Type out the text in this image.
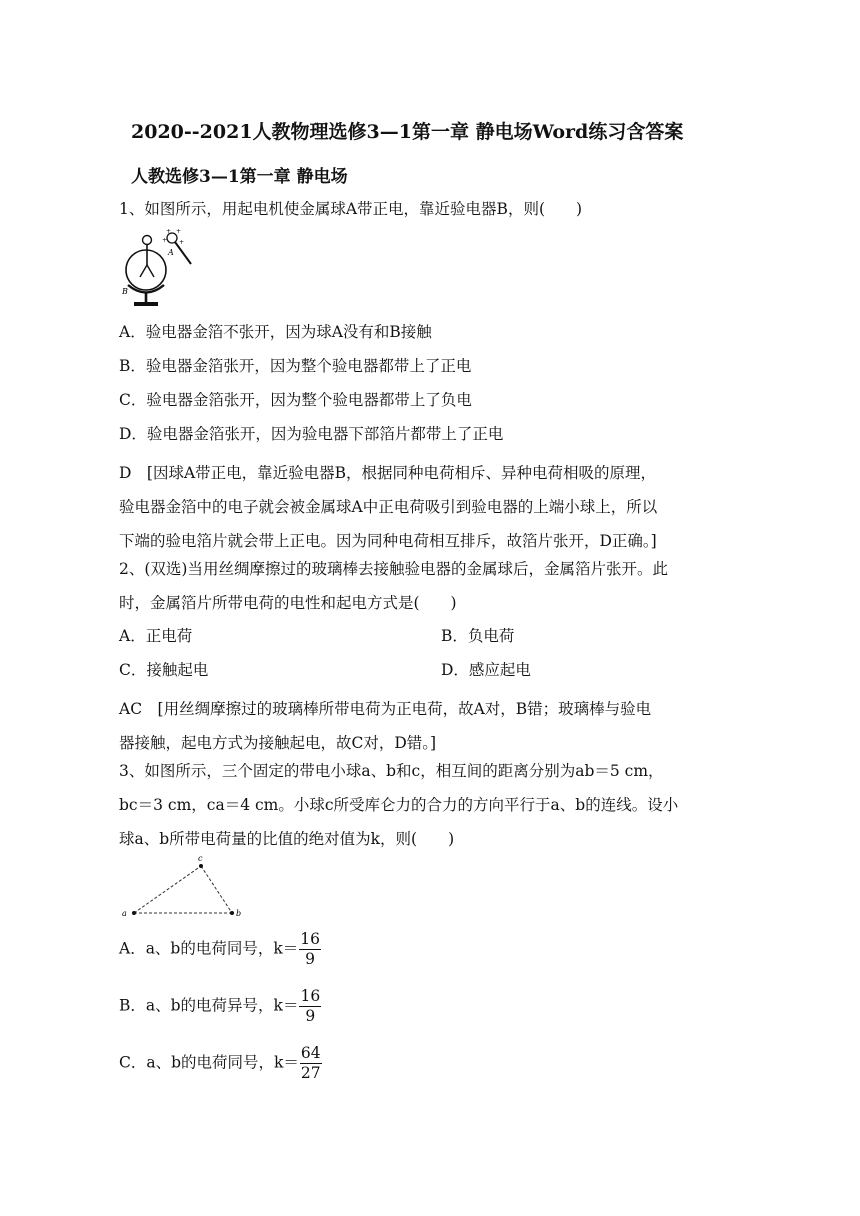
2020--2021人教物理选修3—1第一章 静电场Word练习含答案
人教选修3—1第一章 静电场
1、如图所示，用起电机使金属球A带正电，靠近验电器B，则(　　)
+ +
+ +
A
B
A．验电器金箔不张开，因为球A没有和B接触
B．验电器金箔张开，因为整个验电器都带上了正电
C．验电器金箔张开，因为整个验电器都带上了负电
D．验电器金箔张开，因为验电器下部箔片都带上了正电
D　[因球A带正电，靠近验电器B，根据同种电荷相斥、异种电荷相吸的原理，
验电器金箔中的电子就会被金属球A中正电荷吸引到验电器的上端小球上，所以
下端的验电箔片就会带上正电。因为同种电荷相互排斥，故箔片张开，D正确。]
2、(双选)当用丝绸摩擦过的玻璃棒去接触验电器的金属球后，金属箔片张开。此
时，金属箔片所带电荷的电性和起电方式是(　　)
A．正电荷	B．负电荷
C．接触起电	D．感应起电
AC　[用丝绸摩擦过的玻璃棒所带电荷为正电荷，故A对，B错；玻璃棒与验电
器接触，起电方式为接触起电，故C对，D错。]
3、如图所示，三个固定的带电小球a、b和c，相互间的距离分别为ab＝5 cm，
bc＝3 cm，ca＝4 cm。小球c所受库仑力的合力的方向平行于a、b的连线。设小
球a、b所带电荷量的比值的绝对值为k，则(　　)
a
c
b
A．a、b的电荷同号，$k= \frac{16}{9}$
B．a、b的电荷异号，$k= \frac{16}{9}$
C．a、b的电荷同号，$k= \frac{64}{27}$
